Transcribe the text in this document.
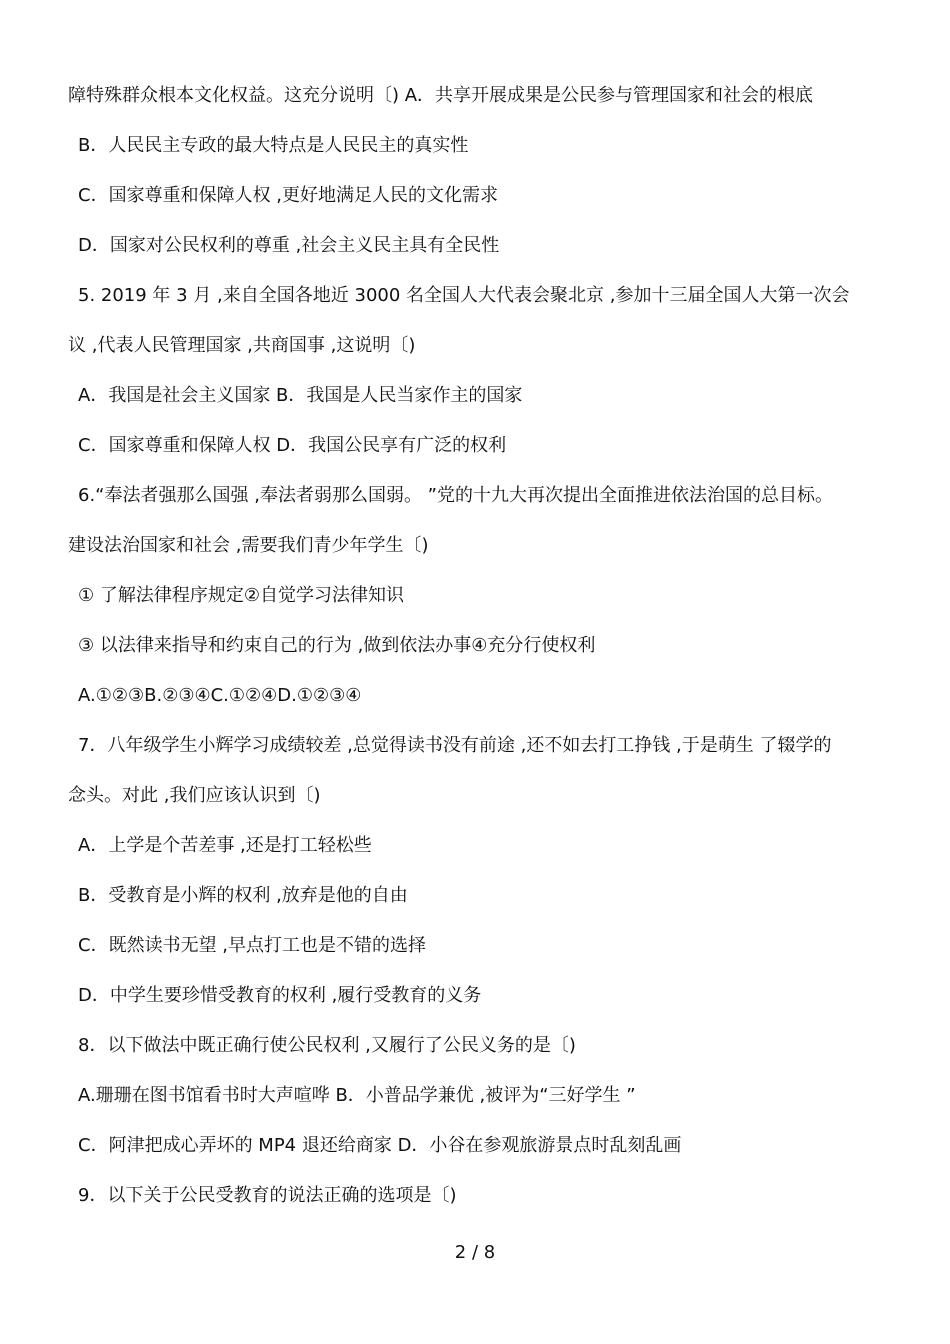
障特殊群众根本文化权益。这充分说明〔) A．共享开展成果是公民参与管理国家和社会的根底
B．人民民主专政的最大特点是人民民主的真实性
C．国家尊重和保障人权 ,更好地满足人民的文化需求
D．国家对公民权利的尊重 ,社会主义民主具有全民性
5. 2019 年 3 月 ,来自全国各地近 3000 名全国人大代表会聚北京 ,参加十三届全国人大第一次会
议 ,代表人民管理国家 ,共商国事 ,这说明〔)
A．我国是社会主义国家 B．我国是人民当家作主的国家
C．国家尊重和保障人权 D．我国公民享有广泛的权利
6.“奉法者强那么国强 ,奉法者弱那么国弱。 ”党的十九大再次提出全面推进依法治国的总目标。
建设法治国家和社会 ,需要我们青少年学生〔)
① 了解法律程序规定②自觉学习法律知识
③ 以法律来指导和约束自己的行为 ,做到依法办事④充分行使权利
A.①②③B.②③④C.①②④D.①②③④
7．八年级学生小辉学习成绩较差 ,总觉得读书没有前途 ,还不如去打工挣钱 ,于是萌生 了辍学的
念头。对此 ,我们应该认识到〔)
A．上学是个苦差事 ,还是打工轻松些
B．受教育是小辉的权利 ,放弃是他的自由
C．既然读书无望 ,早点打工也是不错的选择
D．中学生要珍惜受教育的权利 ,履行受教育的义务
8．以下做法中既正确行使公民权利 ,又履行了公民义务的是〔)
A.珊珊在图书馆看书时大声喧哗 B．小普品学兼优 ,被评为“三好学生 ”
C．阿津把成心弄坏的 MP4 退还给商家 D．小谷在参观旅游景点时乱刻乱画
9．以下关于公民受教育的说法正确的选项是〔)
2 / 8
